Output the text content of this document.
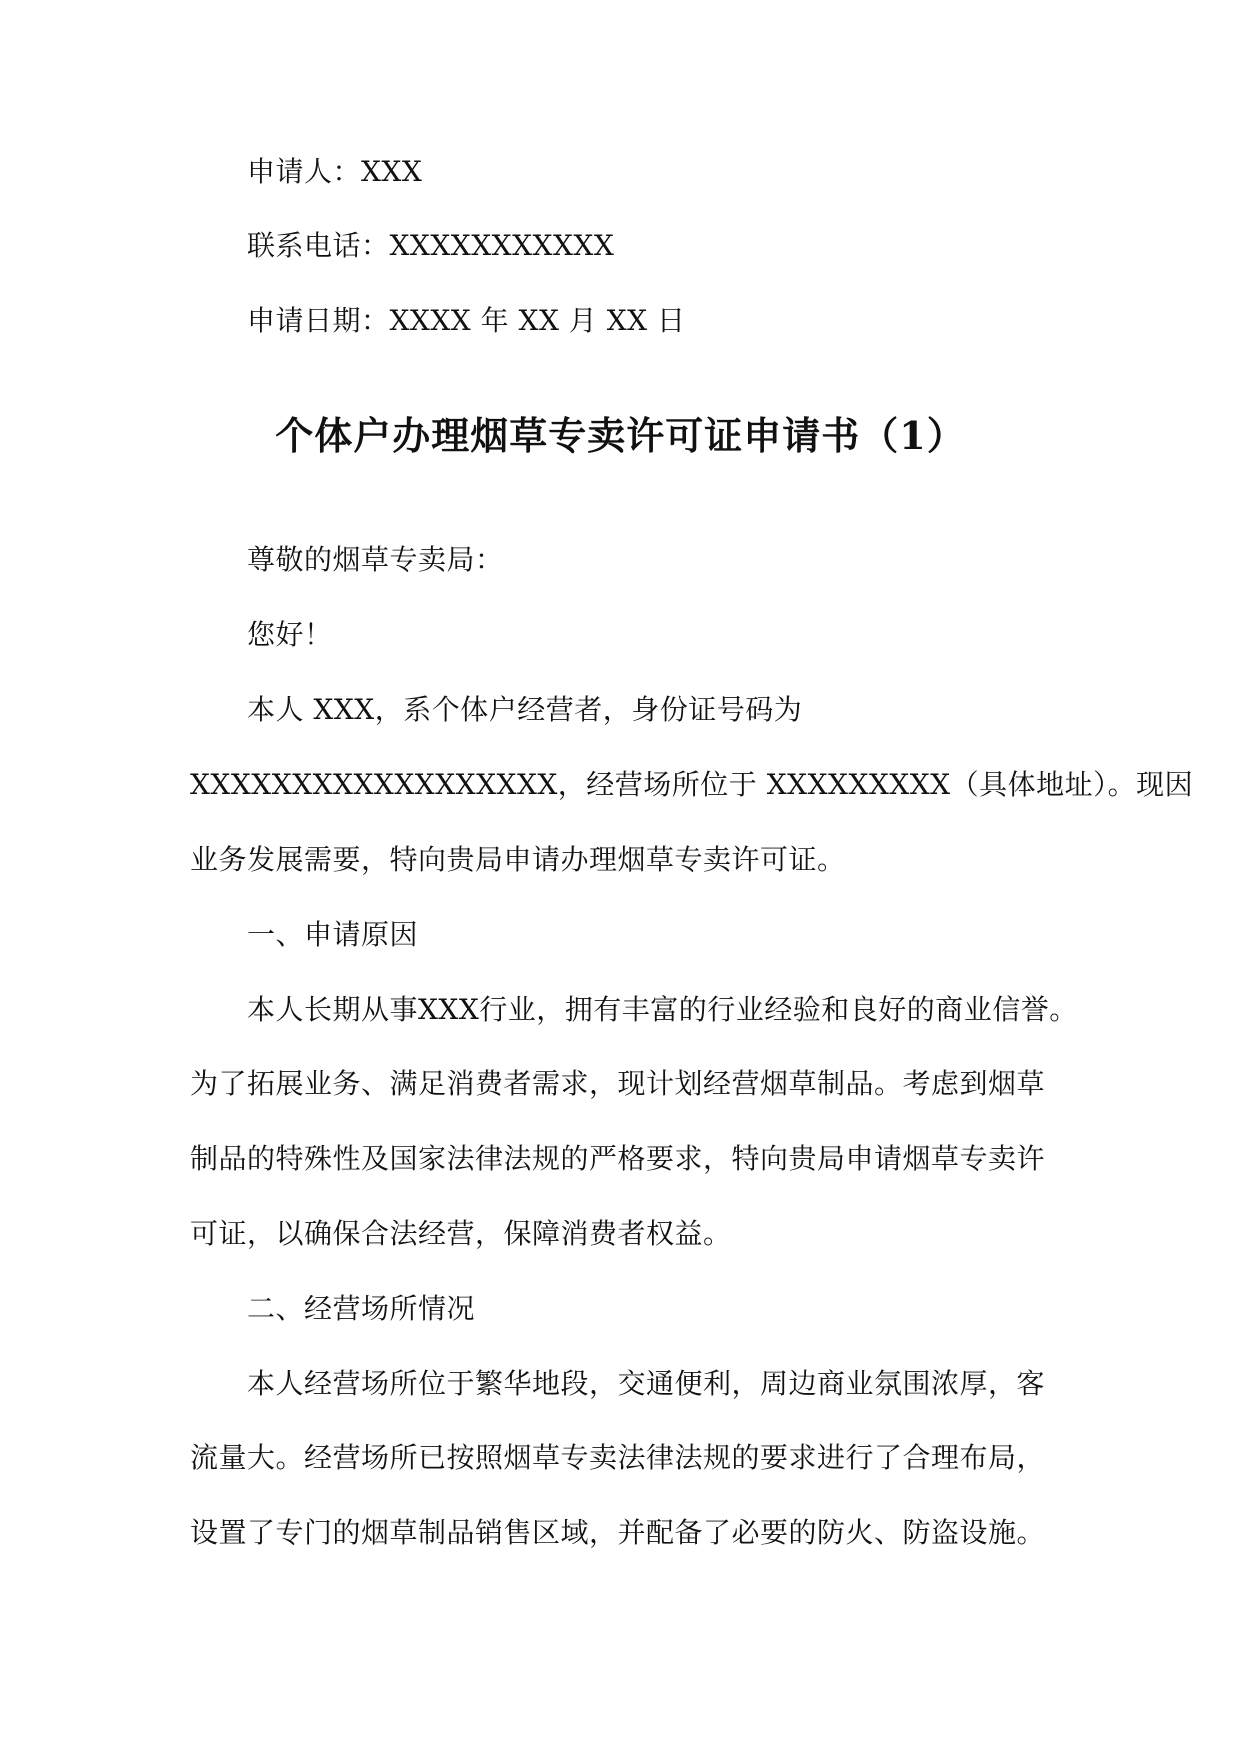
申请人：XXX
联系电话：XXXXXXXXXXX
申请日期：XXXX 年 XX 月 XX 日
个体户办理烟草专卖许可证申请书（1）
尊敬的烟草专卖局：
您好！
本人 XXX，系个体户经营者，身份证号码为
XXXXXXXXXXXXXXXXXX，经营场所位于 XXXXXXXXX（具体地址）。现因
业务发展需要，特向贵局申请办理烟草专卖许可证。
一、申请原因
本人长期从事XXX行业，拥有丰富的行业经验和良好的商业信誉。
为了拓展业务、满足消费者需求，现计划经营烟草制品。考虑到烟草
制品的特殊性及国家法律法规的严格要求，特向贵局申请烟草专卖许
可证，以确保合法经营，保障消费者权益。
二、经营场所情况
本人经营场所位于繁华地段，交通便利，周边商业氛围浓厚，客
流量大。经营场所已按照烟草专卖法律法规的要求进行了合理布局，
设置了专门的烟草制品销售区域，并配备了必要的防火、防盗设施。
